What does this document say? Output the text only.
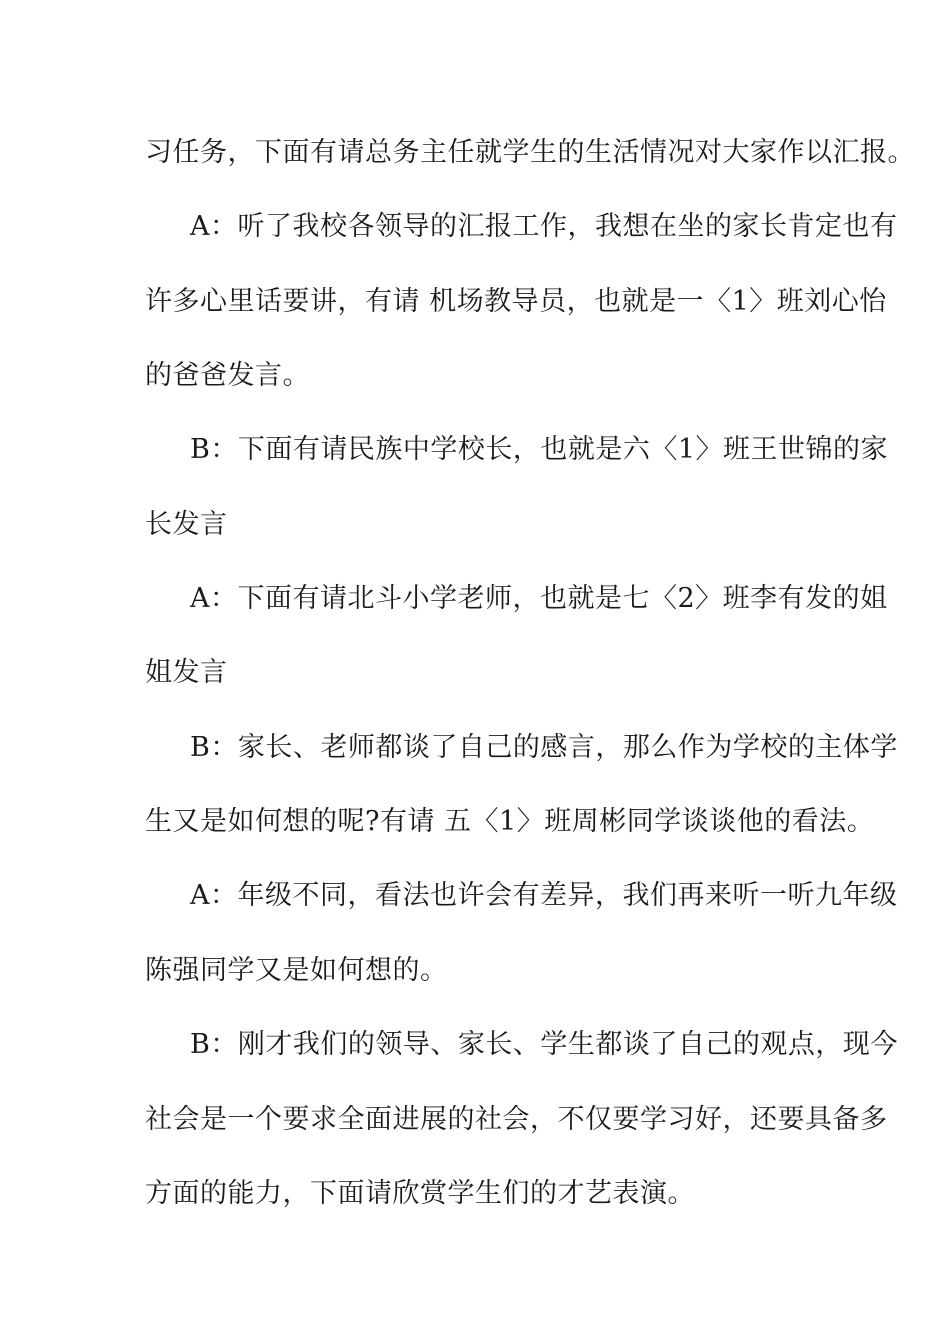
习任务，下面有请总务主任就学生的生活情况对大家作以汇报。
A：听了我校各领导的汇报工作，我想在坐的家长肯定也有
许多心里话要讲，有请 机场教导员，也就是一〈1〉班刘心怡
的爸爸发言。
B：下面有请民族中学校长，也就是六〈1〉班王世锦的家
长发言
A：下面有请北斗小学老师，也就是七〈2〉班李有发的姐
姐发言
B：家长、老师都谈了自己的感言，那么作为学校的主体学
生又是如何想的呢?有请 五〈1〉班周彬同学谈谈他的看法。
A：年级不同，看法也许会有差异，我们再来听一听九年级
陈强同学又是如何想的。
B：刚才我们的领导、家长、学生都谈了自己的观点，现今
社会是一个要求全面进展的社会，不仅要学习好，还要具备多
方面的能力，下面请欣赏学生们的才艺表演。
